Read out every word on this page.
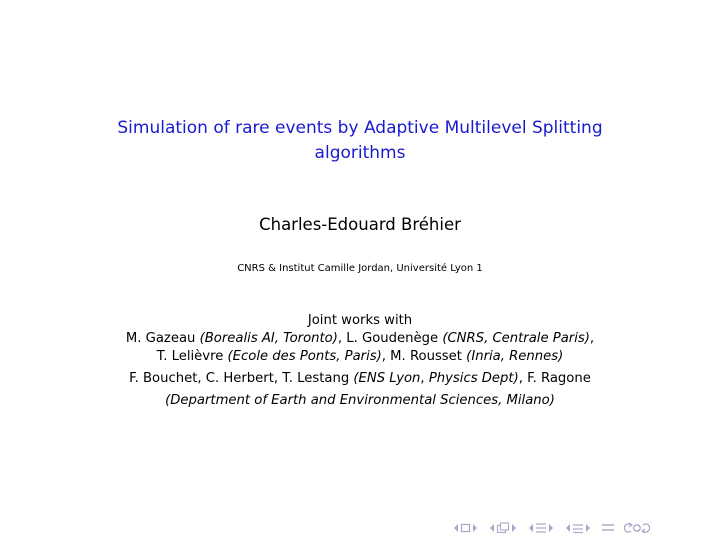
Simulation of rare events by Adaptive Multilevel Splitting
algorithms
Charles-Edouard Bréhier
CNRS & Institut Camille Jordan, Université Lyon 1
Joint works with
M. Gazeau (Borealis AI, Toronto), L. Goudenège (CNRS, Centrale Paris),
T. Lelièvre (Ecole des Ponts, Paris), M. Rousset (Inria, Rennes)
F. Bouchet, C. Herbert, T. Lestang (ENS Lyon, Physics Dept), F. Ragone
(Department of Earth and Environmental Sciences, Milano)
